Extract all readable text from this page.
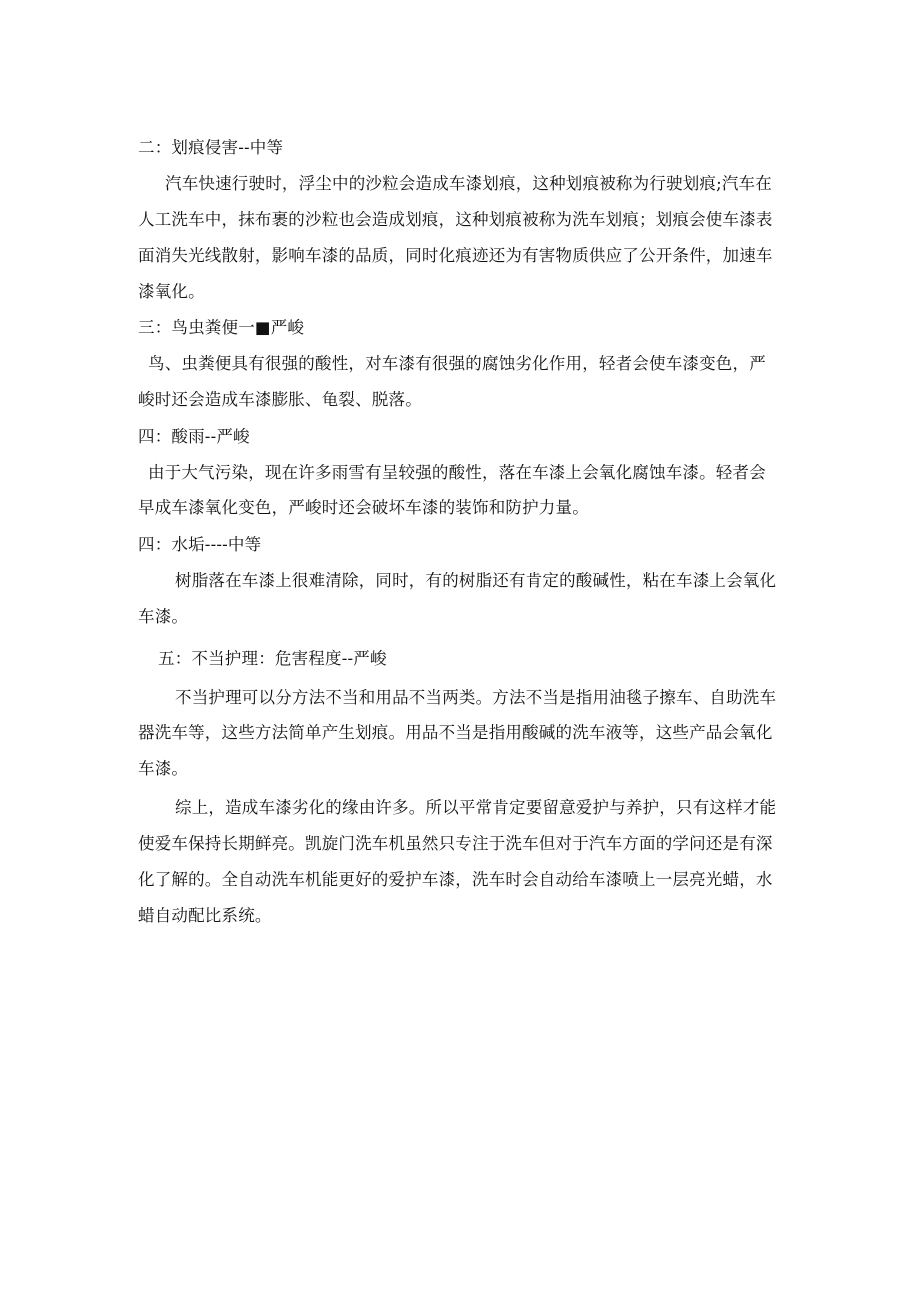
二：划痕侵害--中等
汽车快速行驶时，浮尘中的沙粒会造成车漆划痕，这种划痕被称为行驶划痕;汽车在
人工洗车中，抹布裹的沙粒也会造成划痕，这种划痕被称为洗车划痕；划痕会使车漆表
面消失光线散射，影响车漆的品质，同时化痕迹还为有害物质供应了公开条件，加速车
漆氧化。
三：鸟虫粪便一■严峻
鸟、虫粪便具有很强的酸性，对车漆有很强的腐蚀劣化作用，轻者会使车漆变色，严
峻时还会造成车漆膨胀、龟裂、脱落。
四：酸雨--严峻
由于大气污染，现在许多雨雪有呈较强的酸性，落在车漆上会氧化腐蚀车漆。轻者会
早成车漆氧化变色，严峻时还会破坏车漆的装饰和防护力量。
四：水垢----中等
树脂落在车漆上很难清除，同时，有的树脂还有肯定的酸碱性，粘在车漆上会氧化
车漆。
五：不当护理：危害程度--严峻
不当护理可以分方法不当和用品不当两类。方法不当是指用油毯子擦车、自助洗车
器洗车等，这些方法简单产生划痕。用品不当是指用酸碱的洗车液等，这些产品会氧化
车漆。
综上，造成车漆劣化的缘由许多。所以平常肯定要留意爱护与养护，只有这样才能
使爱车保持长期鲜亮。凯旋门洗车机虽然只专注于洗车但对于汽车方面的学问还是有深
化了解的。全自动洗车机能更好的爱护车漆，洗车时会自动给车漆喷上一层亮光蜡，水
蜡自动配比系统。
